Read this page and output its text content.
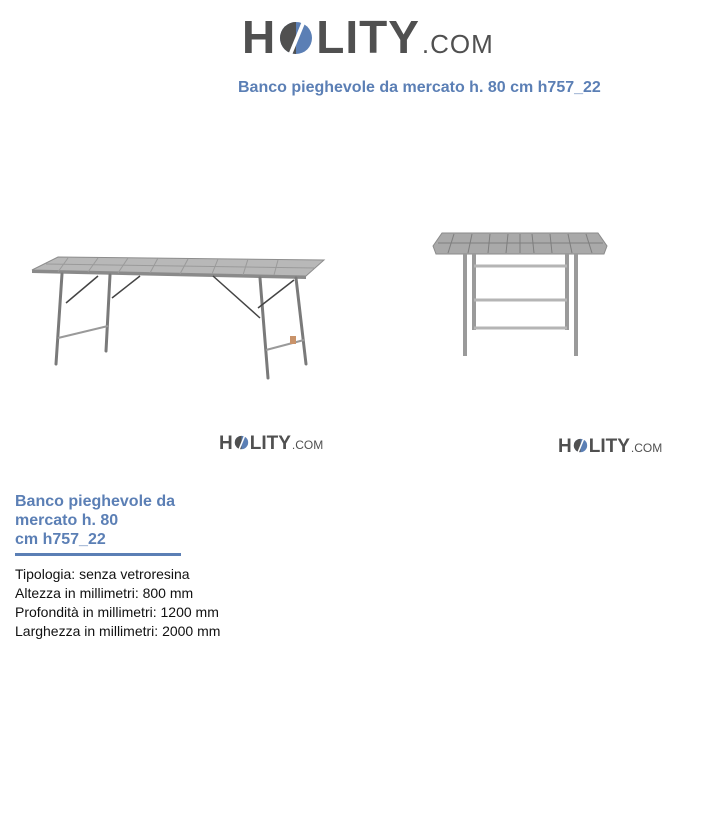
H LITY .COM
Banco pieghevole da mercato h. 80 cm h757_22
H LITY .COM	H LITY .COM
Banco pieghevole da
mercato h. 80
cm h757_22
Tipologia: senza vetroresina
Altezza in millimetri: 800 mm
Profondità in millimetri: 1200 mm
Larghezza in millimetri: 2000 mm
